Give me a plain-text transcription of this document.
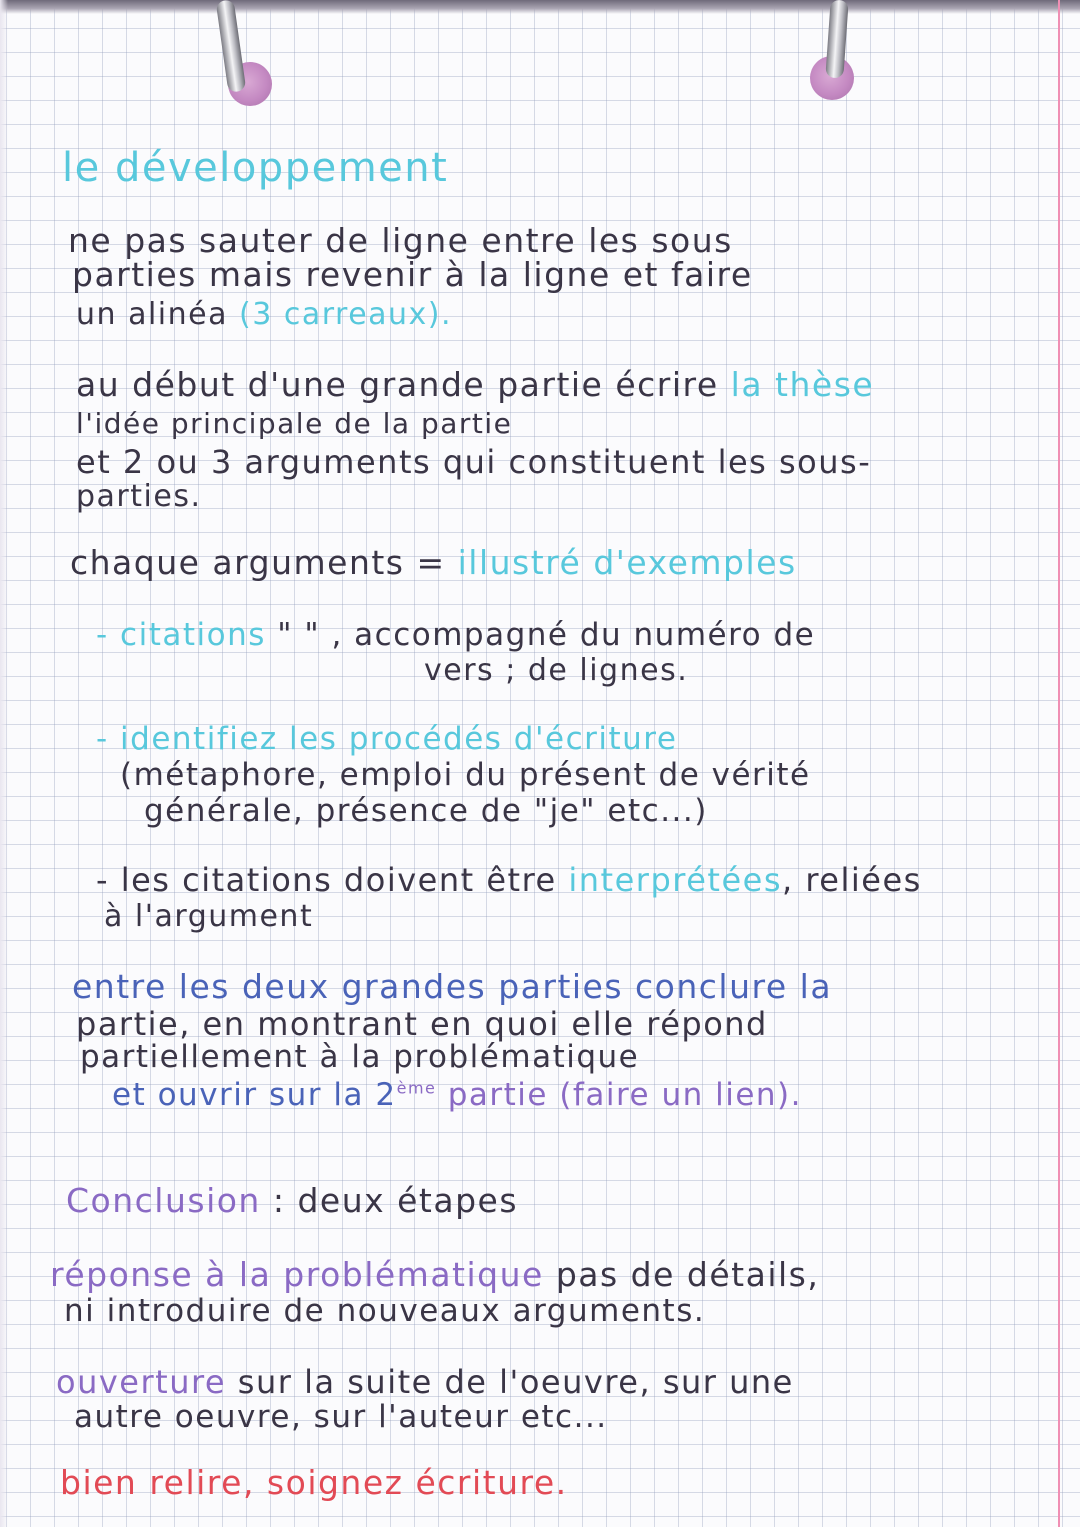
le développement
ne pas sauter de ligne entre les sous
parties mais revenir à la ligne et faire
un alinéa (3 carreaux).
au début d'une grande partie écrire la thèse
l'idée principale de la partie
et 2 ou 3 arguments qui constituent les sous-
parties.
chaque arguments = illustré d'exemples
- citations " " , accompagné du numéro de
vers ; de lignes.
- identifiez les procédés d'écriture
(métaphore, emploi du présent de vérité
générale, présence de "je" etc...)
- les citations doivent être interprétées, reliées
à l'argument
entre les deux grandes parties conclure la
partie, en montrant en quoi elle répond
partiellement à la problématique
et ouvrir sur la 2ème partie (faire un lien).
Conclusion : deux étapes
réponse à la problématique pas de détails,
ni introduire de nouveaux arguments.
ouverture sur la suite de l'oeuvre, sur une
autre oeuvre, sur l'auteur etc...
bien relire, soignez écriture.
